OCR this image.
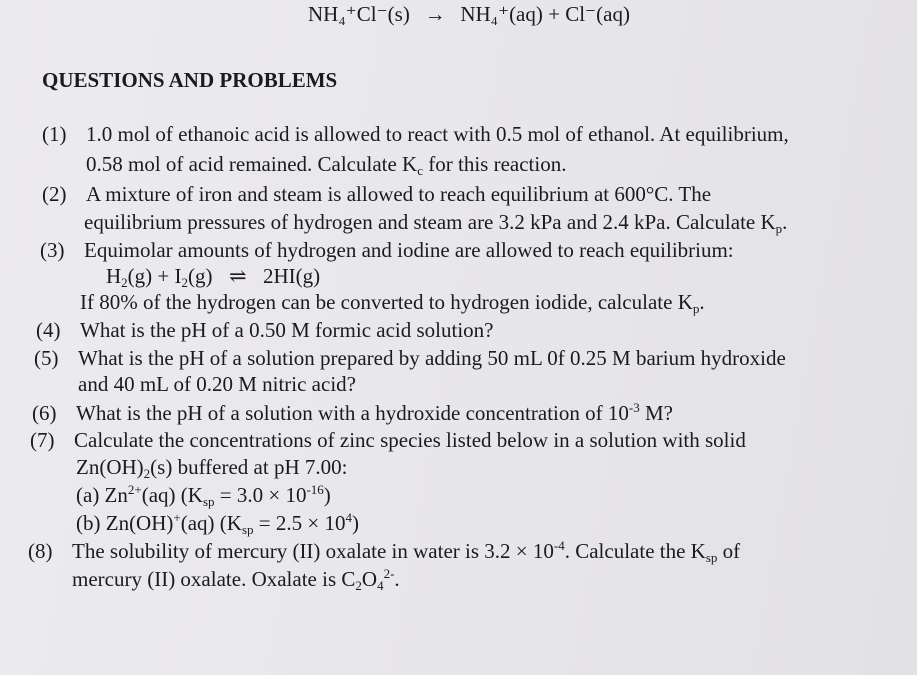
NH₄⁺Cl⁻(s) → NH₄⁺(aq) + Cl⁻(aq)
QUESTIONS AND PROBLEMS
(1) 1.0 mol of ethanoic acid is allowed to react with 0.5 mol of ethanol. At equilibrium,
0.58 mol of acid remained. Calculate $K_c$ for this reaction.
(2) A mixture of iron and steam is allowed to reach equilibrium at 600°C. The
equilibrium pressures of hydrogen and steam are 3.2 kPa and 2.4 kPa. Calculate $K_p$.
(3) Equimolar amounts of hydrogen and iodine are allowed to reach equilibrium:
$H_2(g) + I_2(g)$ ⇌ 2HI(g)
If 80% of the hydrogen can be converted to hydrogen iodide, calculate $K_p$.
(4) What is the pH of a 0.50 M formic acid solution?
(5) What is the pH of a solution prepared by adding 50 mL 0f 0.25 M barium hydroxide
and 40 mL of 0.20 M nitric acid?
(6) What is the pH of a solution with a hydroxide concentration of $10^{-3}$ M?
(7) Calculate the concentrations of zinc species listed below in a solution with solid
$Zn(OH)_2(s)$ buffered at pH 7.00:
(a) $Zn^{2+}(aq) (K_{sp} = 3.0 \times 10^{-16})$
(b) Zn(OH)+(aq) $(K_{sp} = 2.5 \times 10^4)$
(8) The solubility of mercury (II) oxalate in water is $3.2 \times 10^{-4}$. Calculate the $K_{sp}$ of
mercury (II) oxalate. Oxalate is $C_2O_4^{2-}$.
